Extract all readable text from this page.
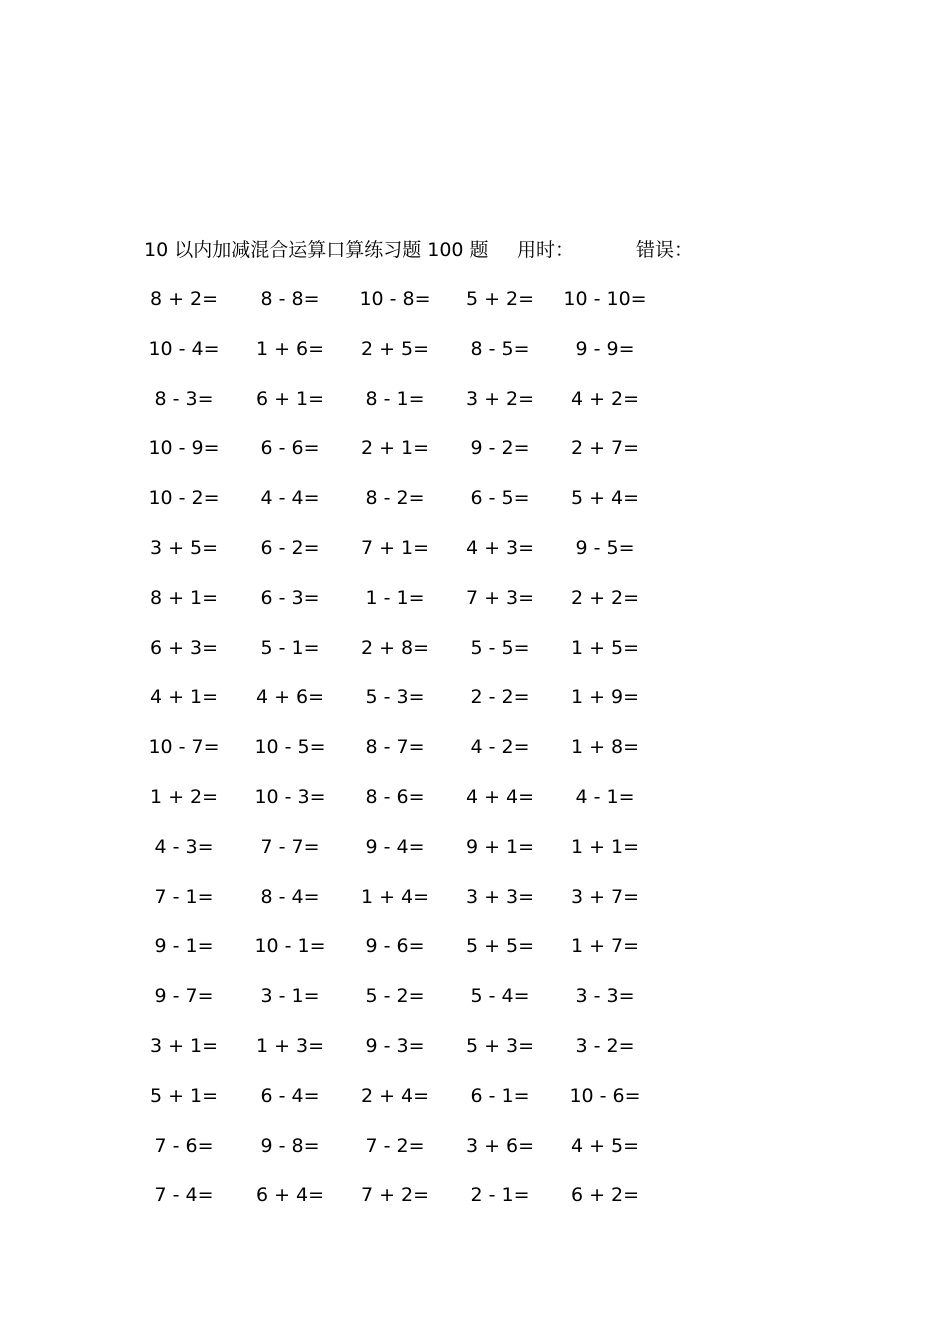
10 以内加减混合运算口算练习题 100 题 用时：	错误：
8 + 2=	8 - 8=	10 - 8=	5 + 2=	10 - 10=
10 - 4=	1 + 6=	2 + 5=	8 - 5=	9 - 9=
8 - 3=	6 + 1=	8 - 1=	3 + 2=	4 + 2=
10 - 9=	6 - 6=	2 + 1=	9 - 2=	2 + 7=
10 - 2=	4 - 4=	8 - 2=	6 - 5=	5 + 4=
3 + 5=	6 - 2=	7 + 1=	4 + 3=	9 - 5=
8 + 1=	6 - 3=	1 - 1=	7 + 3=	2 + 2=
6 + 3=	5 - 1=	2 + 8=	5 - 5=	1 + 5=
4 + 1=	4 + 6=	5 - 3=	2 - 2=	1 + 9=
10 - 7=	10 - 5=	8 - 7=	4 - 2=	1 + 8=
1 + 2=	10 - 3=	8 - 6=	4 + 4=	4 - 1=
4 - 3=	7 - 7=	9 - 4=	9 + 1=	1 + 1=
7 - 1=	8 - 4=	1 + 4=	3 + 3=	3 + 7=
9 - 1=	10 - 1=	9 - 6=	5 + 5=	1 + 7=
9 - 7=	3 - 1=	5 - 2=	5 - 4=	3 - 3=
3 + 1=	1 + 3=	9 - 3=	5 + 3=	3 - 2=
5 + 1=	6 - 4=	2 + 4=	6 - 1=	10 - 6=
7 - 6=	9 - 8=	7 - 2=	3 + 6=	4 + 5=
7 - 4=	6 + 4=	7 + 2=	2 - 1=	6 + 2=
